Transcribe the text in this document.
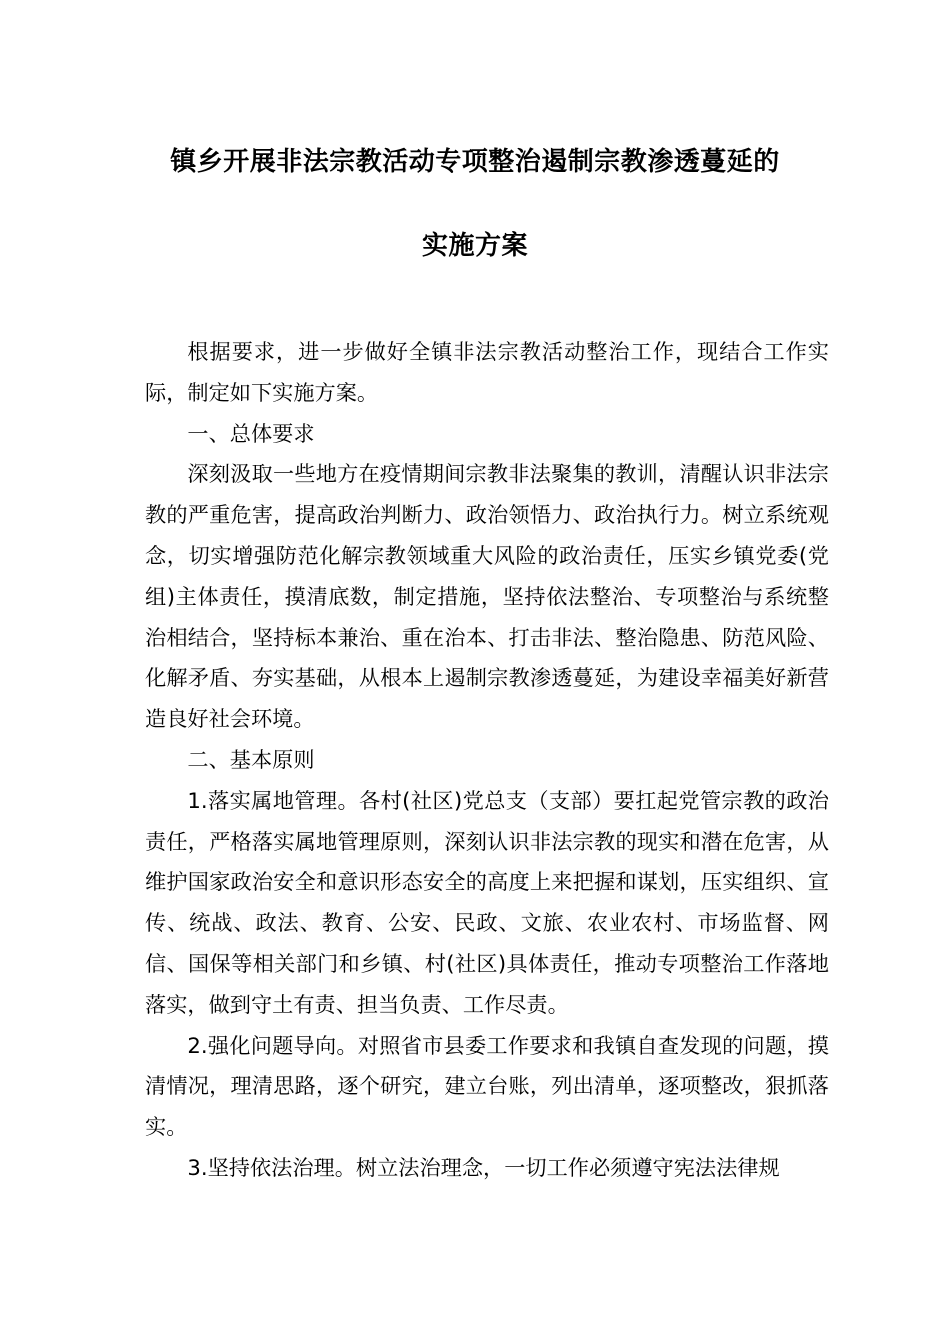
镇乡开展非法宗教活动专项整治遏制宗教渗透蔓延的
实施方案

根据要求，进一步做好全镇非法宗教活动整治工作，现结合工作实际，制定如下实施方案。

一、总体要求

深刻汲取一些地方在疫情期间宗教非法聚集的教训，清醒认识非法宗教的严重危害，提高政治判断力、政治领悟力、政治执行力。树立系统观念，切实增强防范化解宗教领域重大风险的政治责任，压实乡镇党委(党组)主体责任，摸清底数，制定措施，坚持依法整治、专项整治与系统整治相结合，坚持标本兼治、重在治本、打击非法、整治隐患、防范风险、化解矛盾、夯实基础，从根本上遏制宗教渗透蔓延，为建设幸福美好新营造良好社会环境。

二、基本原则

1.落实属地管理。各村(社区)党总支（支部）要扛起党管宗教的政治责任，严格落实属地管理原则，深刻认识非法宗教的现实和潜在危害，从维护国家政治安全和意识形态安全的高度上来把握和谋划，压实组织、宣传、统战、政法、教育、公安、民政、文旅、农业农村、市场监督、网信、国保等相关部门和乡镇、村(社区)具体责任，推动专项整治工作落地落实，做到守土有责、担当负责、工作尽责。

2.强化问题导向。对照省市县委工作要求和我镇自查发现的问题，摸清情况，理清思路，逐个研究，建立台账，列出清单，逐项整改，狠抓落实。

3.坚持依法治理。树立法治理念，一切工作必须遵守宪法法律规
